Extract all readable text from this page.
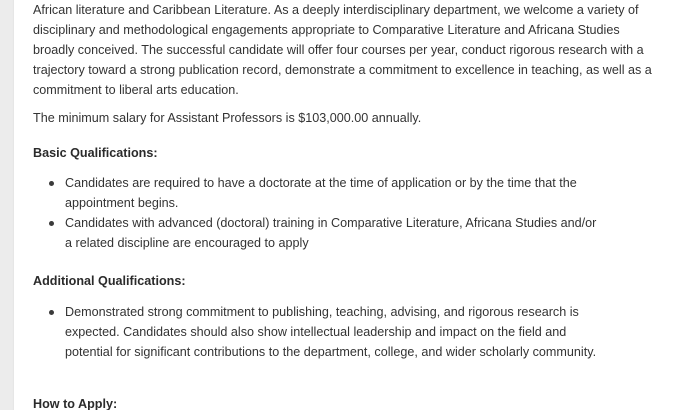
African literature and Caribbean Literature. As a deeply interdisciplinary department, we welcome a variety of disciplinary and methodological engagements appropriate to Comparative Literature and Africana Studies broadly conceived. The successful candidate will offer four courses per year, conduct rigorous research with a trajectory toward a strong publication record, demonstrate a commitment to excellence in teaching, as well as a commitment to liberal arts education.

The minimum salary for Assistant Professors is $103,000.00 annually.

Basic Qualifications:
Candidates are required to have a doctorate at the time of application or by the time that the appointment begins.
Candidates with advanced (doctoral) training in Comparative Literature, Africana Studies and/or a related discipline are encouraged to apply
Additional Qualifications:
Demonstrated strong commitment to publishing, teaching, advising, and rigorous research is expected. Candidates should also show intellectual leadership and impact on the field and potential for significant contributions to the department, college, and wider scholarly community.
How to Apply:
